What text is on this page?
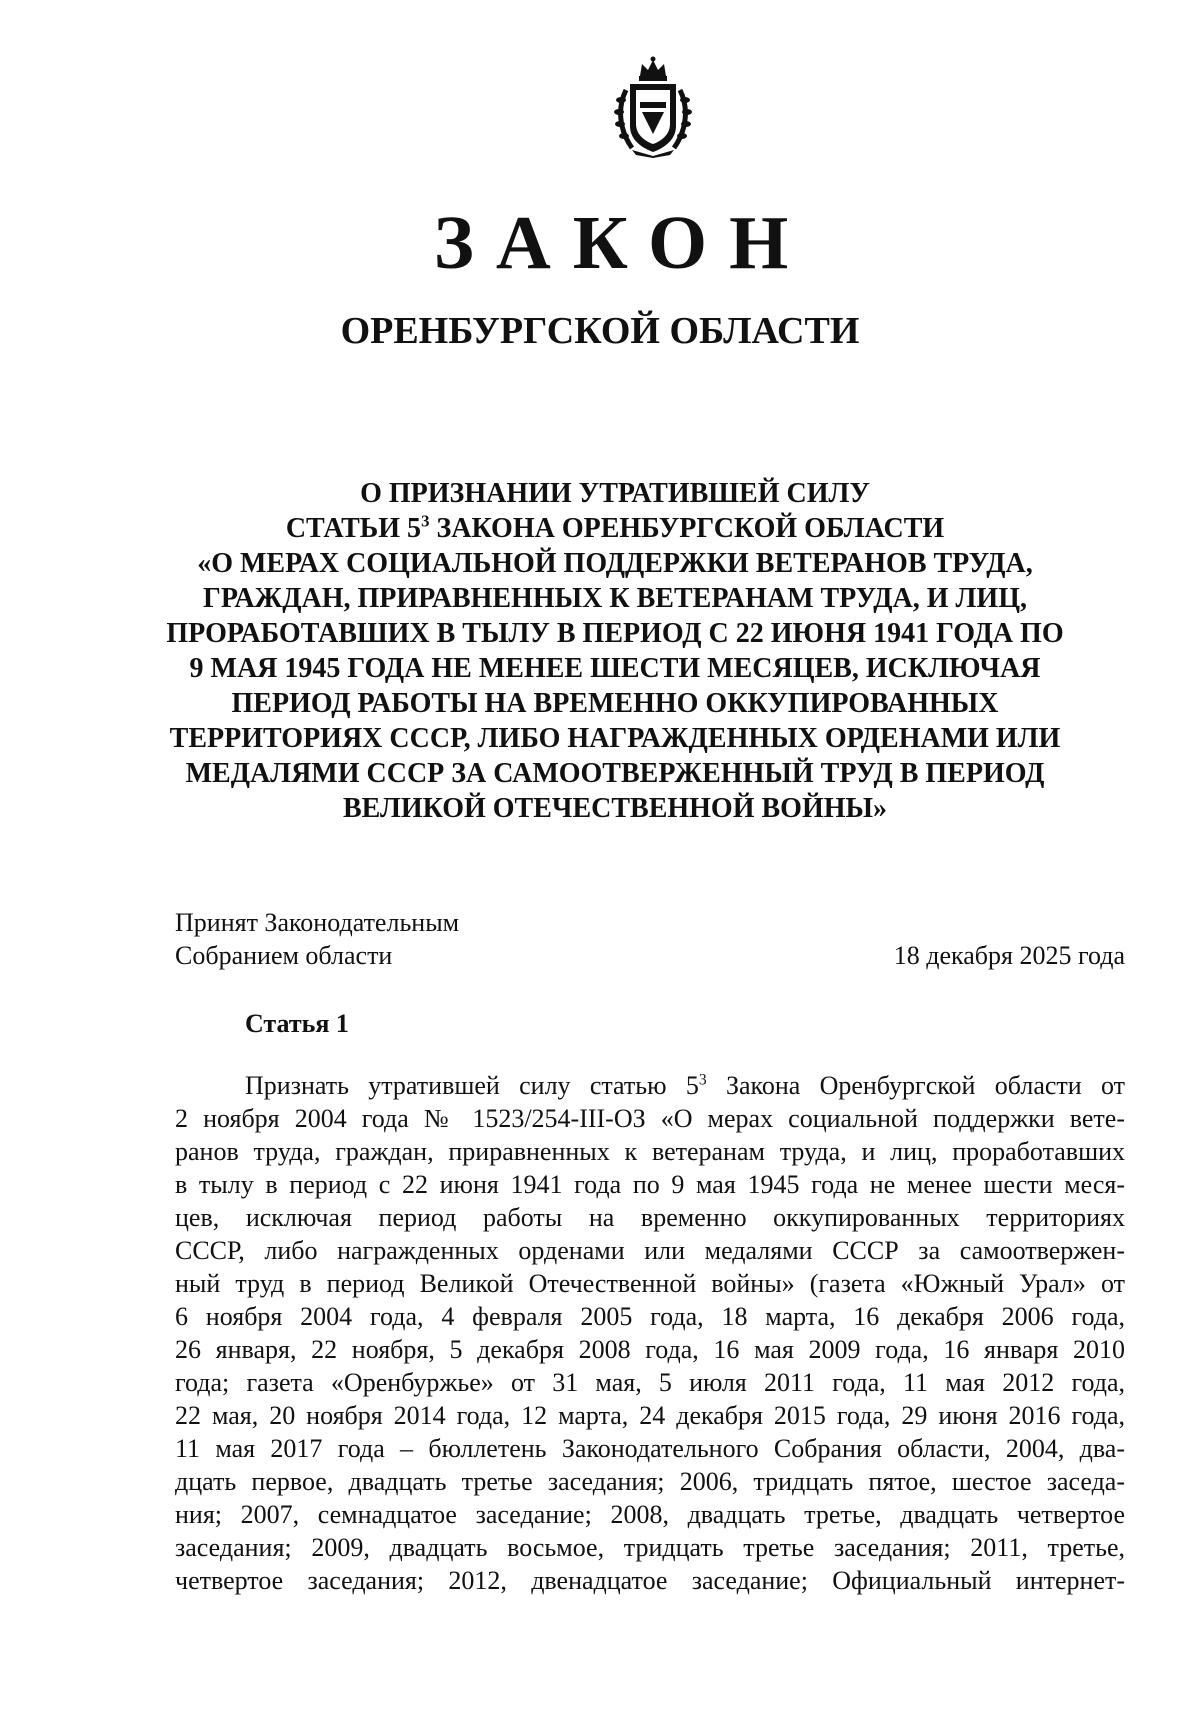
ЗАКОН
ОРЕНБУРГСКОЙ ОБЛАСТИ
О ПРИЗНАНИИ УТРАТИВШЕЙ СИЛУ
СТАТЬИ $5^3$ ЗАКОНА ОРЕНБУРГСКОЙ ОБЛАСТИ
«О МЕРАХ СОЦИАЛЬНОЙ ПОДДЕРЖКИ ВЕТЕРАНОВ ТРУДА,
ГРАЖДАН, ПРИРАВНЕННЫХ К ВЕТЕРАНАМ ТРУДА, И ЛИЦ,
ПРОРАБОТАВШИХ В ТЫЛУ В ПЕРИОД С 22 ИЮНЯ 1941 ГОДА ПО
9 МАЯ 1945 ГОДА НЕ МЕНЕЕ ШЕСТИ МЕСЯЦЕВ, ИСКЛЮЧАЯ
ПЕРИОД РАБОТЫ НА ВРЕМЕННО ОККУПИРОВАННЫХ
ТЕРРИТОРИЯХ СССР, ЛИБО НАГРАЖДЕННЫХ ОРДЕНАМИ ИЛИ
МЕДАЛЯМИ СССР ЗА САМООТВЕРЖЕННЫЙ ТРУД В ПЕРИОД
ВЕЛИКОЙ ОТЕЧЕСТВЕННОЙ ВОЙНЫ»
Принят Законодательным
Собранием области	18 декабря 2025 года
Статья 1
Признать утратившей силу статью $5^3$ Закона Оренбургской области от
2 ноября 2004 года № 1523/254-III-ОЗ «О мерах социальной поддержки вете-
ранов труда, граждан, приравненных к ветеранам труда, и лиц, проработавших
в тылу в период с 22 июня 1941 года по 9 мая 1945 года не менее шести меся-
цев, исключая период работы на временно оккупированных территориях
СССР, либо награжденных орденами или медалями СССР за самоотвержен-
ный труд в период Великой Отечественной войны» (газета «Южный Урал» от
6 ноября 2004 года, 4 февраля 2005 года, 18 марта, 16 декабря 2006 года,
26 января, 22 ноября, 5 декабря 2008 года, 16 мая 2009 года, 16 января 2010
года; газета «Оренбуржье» от 31 мая, 5 июля 2011 года, 11 мая 2012 года,
22 мая, 20 ноября 2014 года, 12 марта, 24 декабря 2015 года, 29 июня 2016 года,
11 мая 2017 года – бюллетень Законодательного Собрания области, 2004, два-
дцать первое, двадцать третье заседания; 2006, тридцать пятое, шестое заседа-
ния; 2007, семнадцатое заседание; 2008, двадцать третье, двадцать четвертое
заседания; 2009, двадцать восьмое, тридцать третье заседания; 2011, третье,
четвертое заседания; 2012, двенадцатое заседание; Официальный интернет-
